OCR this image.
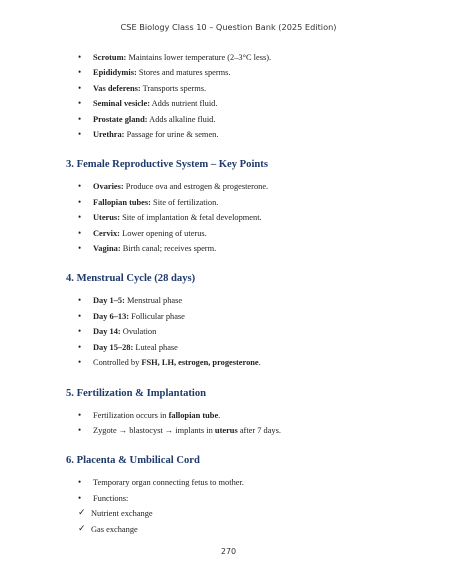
CSE Biology Class 10 – Question Bank (2025 Edition)
• Scrotum: Maintains lower temperature (2–3°C less).
• Epididymis: Stores and matures sperms.
• Vas deferens: Transports sperms.
• Seminal vesicle: Adds nutrient fluid.
• Prostate gland: Adds alkaline fluid.
• Urethra: Passage for urine & semen.
3. Female Reproductive System – Key Points
• Ovaries: Produce ova and estrogen & progesterone.
• Fallopian tubes: Site of fertilization.
• Uterus: Site of implantation & fetal development.
• Cervix: Lower opening of uterus.
• Vagina: Birth canal; receives sperm.
4. Menstrual Cycle (28 days)
• Day 1–5: Menstrual phase
• Day 6–13: Follicular phase
• Day 14: Ovulation
• Day 15–28: Luteal phase
• Controlled by FSH, LH, estrogen, progesterone.
5. Fertilization & Implantation
• Fertilization occurs in fallopian tube.
• Zygote → blastocyst → implants in uterus after 7 days.
6. Placenta & Umbilical Cord
• Temporary organ connecting fetus to mother.
• Functions:
✓ Nutrient exchange
✓ Gas exchange
270
